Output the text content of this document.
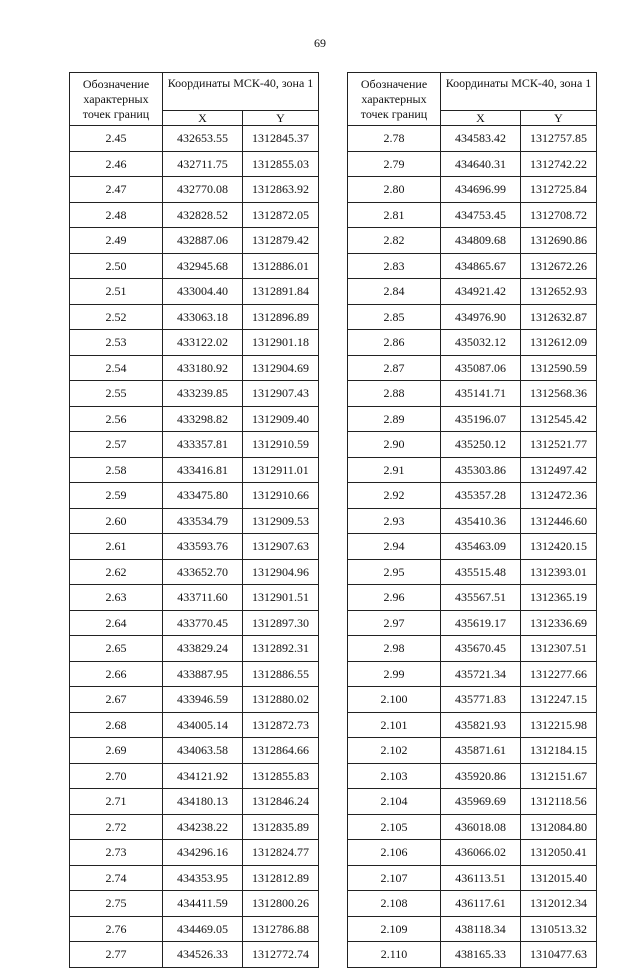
69
Обозначение характерных точек границ	Координаты МСК-40, зона 1	
	X	Y
2.45	432653.55	1312845.37
2.46	432711.75	1312855.03
2.47	432770.08	1312863.92
2.48	432828.52	1312872.05
2.49	432887.06	1312879.42
2.50	432945.68	1312886.01
2.51	433004.40	1312891.84
2.52	433063.18	1312896.89
2.53	433122.02	1312901.18
2.54	433180.92	1312904.69
2.55	433239.85	1312907.43
2.56	433298.82	1312909.40
2.57	433357.81	1312910.59
2.58	433416.81	1312911.01
2.59	433475.80	1312910.66
2.60	433534.79	1312909.53
2.61	433593.76	1312907.63
2.62	433652.70	1312904.96
2.63	433711.60	1312901.51
2.64	433770.45	1312897.30
2.65	433829.24	1312892.31
2.66	433887.95	1312886.55
2.67	433946.59	1312880.02
2.68	434005.14	1312872.73
2.69	434063.58	1312864.66
2.70	434121.92	1312855.83
2.71	434180.13	1312846.24
2.72	434238.22	1312835.89
2.73	434296.16	1312824.77
2.74	434353.95	1312812.89
2.75	434411.59	1312800.26
2.76	434469.05	1312786.88
2.77	434526.33	1312772.74
Обозначение характерных точек границ	Координаты МСК-40, зона 1	
	X	Y
2.78	434583.42	1312757.85
2.79	434640.31	1312742.22
2.80	434696.99	1312725.84
2.81	434753.45	1312708.72
2.82	434809.68	1312690.86
2.83	434865.67	1312672.26
2.84	434921.42	1312652.93
2.85	434976.90	1312632.87
2.86	435032.12	1312612.09
2.87	435087.06	1312590.59
2.88	435141.71	1312568.36
2.89	435196.07	1312545.42
2.90	435250.12	1312521.77
2.91	435303.86	1312497.42
2.92	435357.28	1312472.36
2.93	435410.36	1312446.60
2.94	435463.09	1312420.15
2.95	435515.48	1312393.01
2.96	435567.51	1312365.19
2.97	435619.17	1312336.69
2.98	435670.45	1312307.51
2.99	435721.34	1312277.66
2.100	435771.83	1312247.15
2.101	435821.93	1312215.98
2.102	435871.61	1312184.15
2.103	435920.86	1312151.67
2.104	435969.69	1312118.56
2.105	436018.08	1312084.80
2.106	436066.02	1312050.41
2.107	436113.51	1312015.40
2.108	436117.61	1312012.34
2.109	438118.34	1310513.32
2.110	438165.33	1310477.63
